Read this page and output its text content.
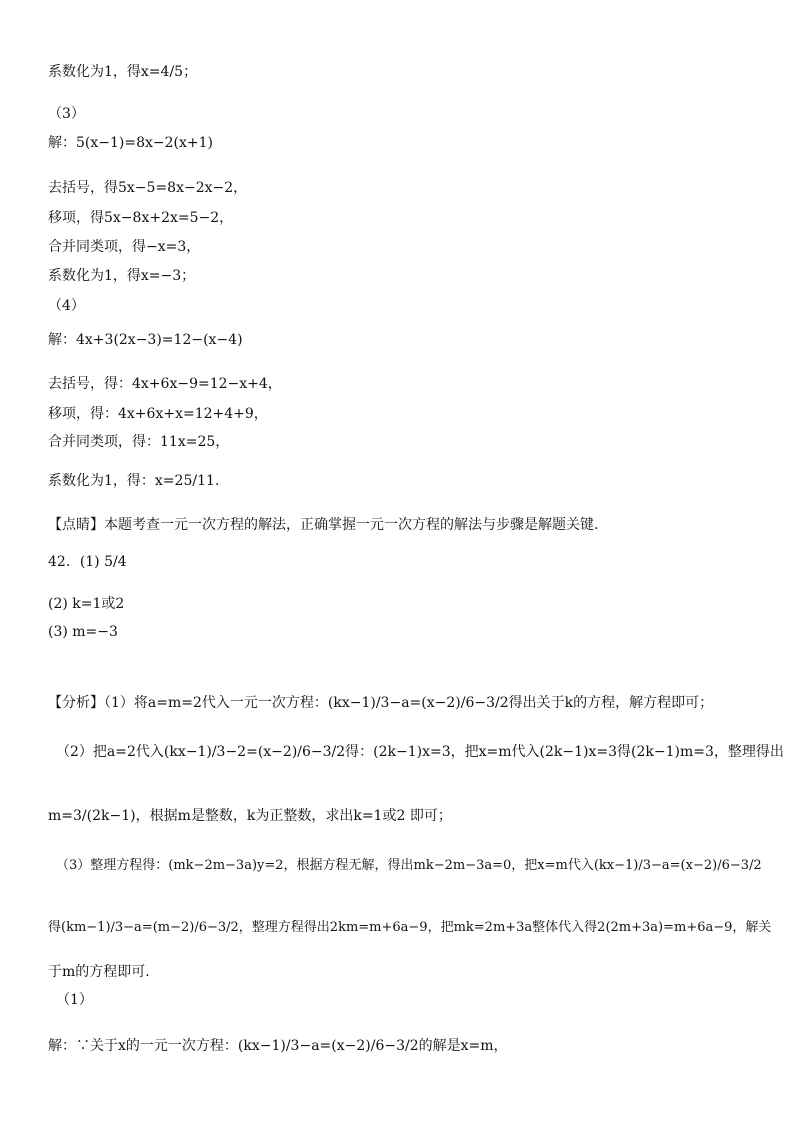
系数化为1，得x=4/5；
（3）
解：5(x−1)=8x−2(x+1)
去括号，得5x−5=8x−2x−2，
移项，得5x−8x+2x=5−2，
合并同类项，得−x=3，
系数化为1，得x=−3；
（4）
解：4x+3(2x−3)=12−(x−4)
去括号，得：4x+6x−9=12−x+4，
移项，得：4x+6x+x=12+4+9，
合并同类项，得：11x=25，
系数化为1，得：x=25/11.
【点睛】本题考查一元一次方程的解法，正确掌握一元一次方程的解法与步骤是解题关键.
42．(1) 5/4
(2) k=1或2
(3) m=−3
【分析】（1）将a=m=2代入一元一次方程：(kx−1)/3−a=(x−2)/6−3/2得出关于k的方程，解方程即可；
（2）把a=2代入(kx−1)/3−2=(x−2)/6−3/2得：(2k−1)x=3，把x=m代入(2k−1)x=3得(2k−1)m=3，整理得出
m=3/(2k−1)，根据m是整数，k为正整数，求出k=1或2 即可；
（3）整理方程得：(mk−2m−3a)y=2，根据方程无解，得出mk−2m−3a=0，把x=m代入(kx−1)/3−a=(x−2)/6−3/2
得(km−1)/3−a=(m−2)/6−3/2，整理方程得出2km=m+6a−9，把mk=2m+3a整体代入得2(2m+3a)=m+6a−9，解关
于m的方程即可.
（1）
解：∵关于x的一元一次方程：(kx−1)/3−a=(x−2)/6−3/2的解是x=m，
